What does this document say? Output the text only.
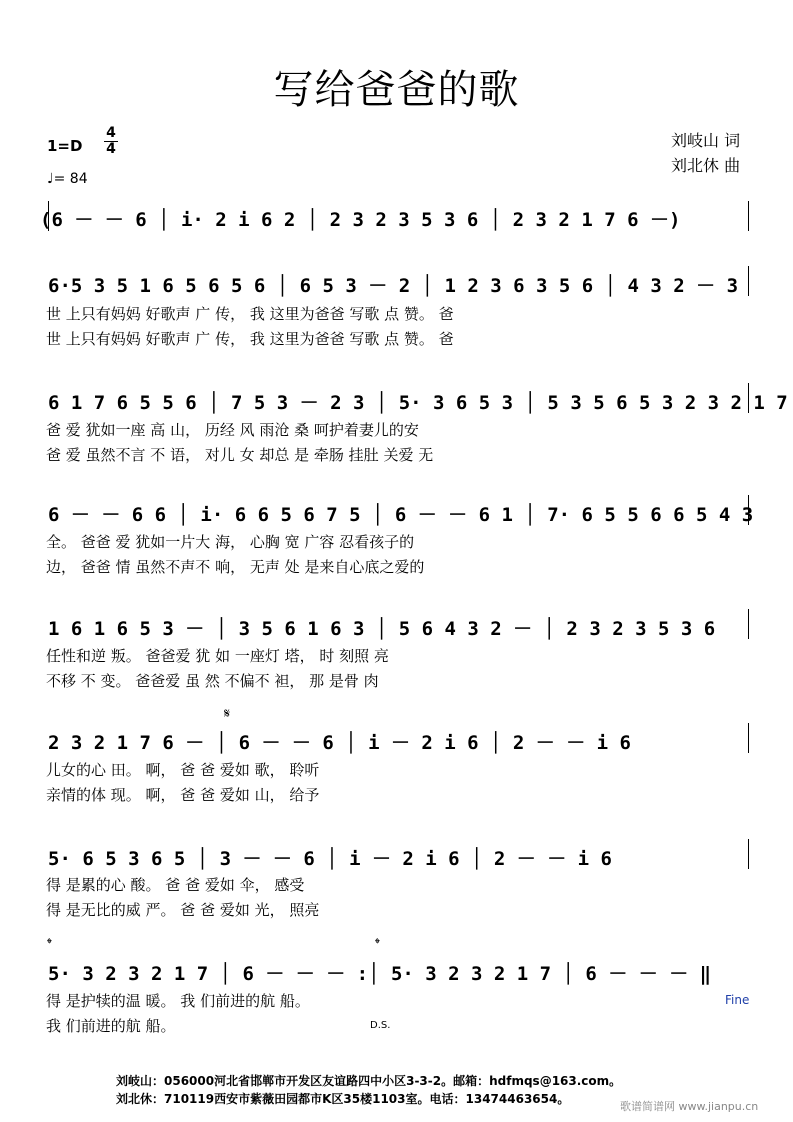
写给爸爸的歌
1=D
4
4
♩= 84
刘岐山 词
刘北休 曲
(6 － － 6 │ i· 2 i 6 2 │ 2 3 2 3 5 3 6 │ 2 3 2 1 7 6 －)
6·5 3 5 1 6 5 6 5 6 │ 6 5 3 － 2 │ 1 2 3 6 3 5 6 │ 4 3 2 － 3
世 上只有妈妈 好歌声 广 传， 我 这里为爸爸 写歌 点 赞。 爸
世 上只有妈妈 好歌声 广 传， 我 这里为爸爸 写歌 点 赞。 爸
6 1 7 6 5 5 6 │ 7 5 3 － 2 3 │ 5· 3 6 5 3 │ 5 3 5 6 5 3 2 3 2 1 7
爸 爱 犹如一座 高 山， 历经 风 雨沧 桑 呵护着妻儿的安
爸 爱 虽然不言 不 语， 对儿 女 却总 是 牵肠 挂肚 关爱 无
6 － － 6 6 │ i· 6 6 5 6 7 5 │ 6 － － 6 1 │ 7· 6 5 5 6 6 5 4 3
全。 爸爸 爱 犹如一片大 海， 心胸 宽 广容 忍看孩子的
边， 爸爸 情 虽然不声不 响， 无声 处 是来自心底之爱的
1 6 1 6 5 3 － │ 3 5 6 1 6 3 │ 5 6 4 3 2 － │ 2 3 2 3 5 3 6
任性和逆 叛。 爸爸爱 犹 如 一座灯 塔， 时 刻照 亮
不移 不 变。 爸爸爱 虽 然 不偏不 袒， 那 是骨 肉
𝄋
2 3 2 1 7 6 － │ 6 － － 6 │ i － 2 i 6 │ 2 － － i 6
儿女的心 田。 啊， 爸 爸 爱如 歌， 聆听
亲情的体 现。 啊， 爸 爸 爱如 山， 给予
5· 6 5 3 6 5 │ 3 － － 6 │ i － 2 i 6 │ 2 － － i 6
得 是累的心 酸。 爸 爸 爱如 伞， 感受
得 是无比的威 严。 爸 爸 爱如 光， 照亮
𝄌	𝄌
5· 3 2 3 2 1 7 │ 6 － － － :│ 5· 3 2 3 2 1 7 │ 6 － － － ‖
得 是护犊的温 暖。 我 们前进的航 船。
我 们前进的航 船。
Fine
D.S.
刘岐山：056000河北省邯郸市开发区友谊路四中小区3-3-2。邮箱：hdfmqs@163.com。
刘北休：710119西安市紫薇田园都市K区35楼1103室。电话：13474463654。
歌谱简谱网 www.jianpu.cn
